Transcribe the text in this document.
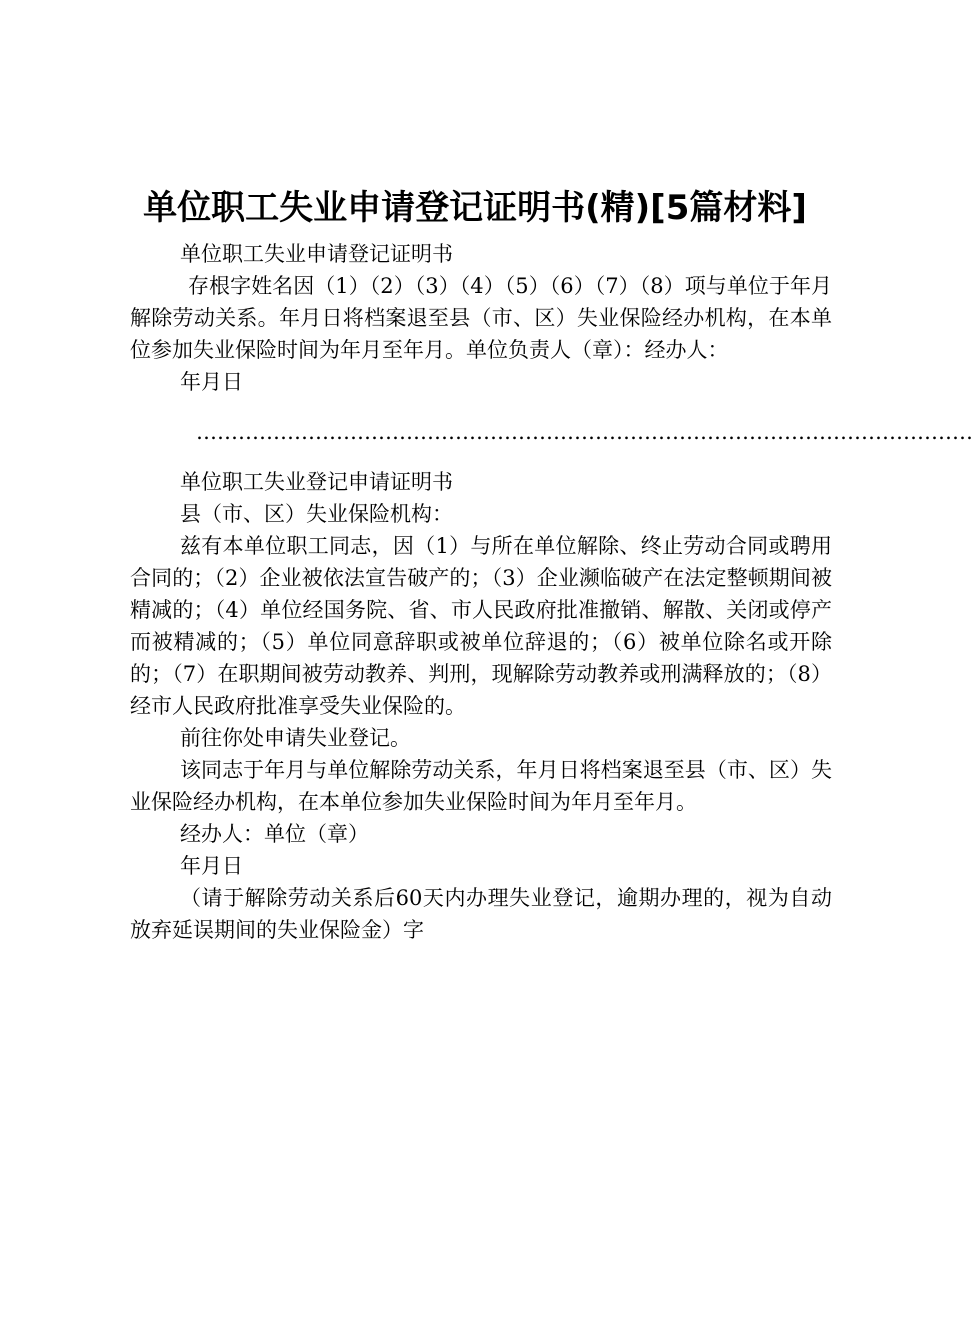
单位职工失业申请登记证明书(精)[5篇材料]

单位职工失业申请登记证明书

存根字姓名因（1）（2）（3）（4）（5）（6）（7）（8）项与单位于年月解除劳动关系。年月日将档案退至县（市、区）失业保险经办机构，在本单位参加失业保险时间为年月至年月。单位负责人（章）：经办人：

年月日

…………………………………………………………………………………………………

单位职工失业登记申请证明书

县（市、区）失业保险机构：

兹有本单位职工同志，因（1）与所在单位解除、终止劳动合同或聘用合同的；（2）企业被依法宣告破产的；（3）企业濒临破产在法定整顿期间被精减的；（4）单位经国务院、省、市人民政府批准撤销、解散、关闭或停产而被精减的；（5）单位同意辞职或被单位辞退的；（6）被单位除名或开除的；（7）在职期间被劳动教养、判刑，现解除劳动教养或刑满释放的；（8）经市人民政府批准享受失业保险的。

前往你处申请失业登记。

该同志于年月与单位解除劳动关系，年月日将档案退至县（市、区）失业保险经办机构，在本单位参加失业保险时间为年月至年月。

经办人：单位（章）

年月日

（请于解除劳动关系后60天内办理失业登记，逾期办理的，视为自动放弃延误期间的失业保险金）字
